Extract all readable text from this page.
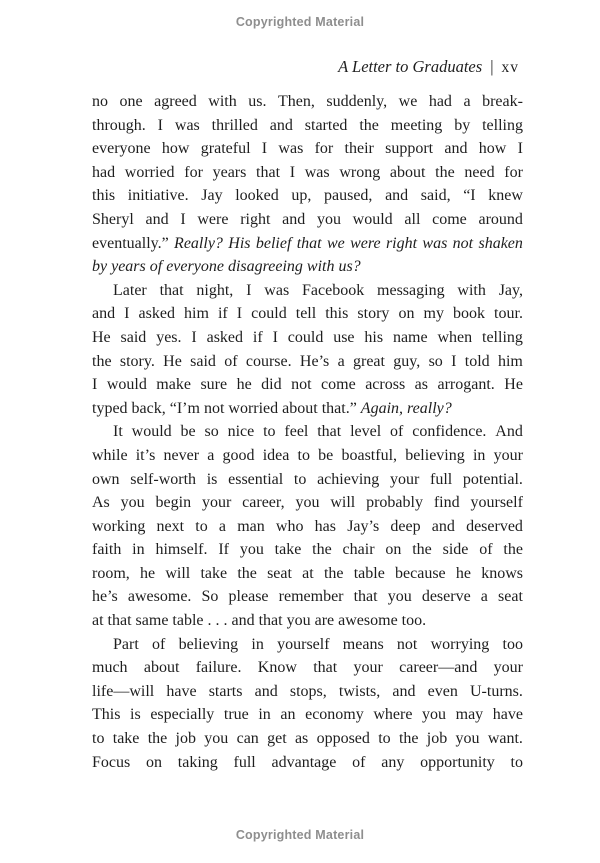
Copyrighted Material
A Letter to Graduates | xv
no one agreed with us. Then, suddenly, we had a break-
through. I was thrilled and started the meeting by telling
everyone how grateful I was for their support and how I
had worried for years that I was wrong about the need for
this initiative. Jay looked up, paused, and said, “I knew
Sheryl and I were right and you would all come around
eventually.” Really? His belief that we were right was not shaken
by years of everyone disagreeing with us?
Later that night, I was Facebook messaging with Jay,
and I asked him if I could tell this story on my book tour.
He said yes. I asked if I could use his name when telling
the story. He said of course. He’s a great guy, so I told him
I would make sure he did not come across as arrogant. He
typed back, “I’m not worried about that.” Again, really?
It would be so nice to feel that level of confidence. And
while it’s never a good idea to be boastful, believing in your
own self-worth is essential to achieving your full potential.
As you begin your career, you will probably find yourself
working next to a man who has Jay’s deep and deserved
faith in himself. If you take the chair on the side of the
room, he will take the seat at the table because he knows
he’s awesome. So please remember that you deserve a seat
at that same table . . . and that you are awesome too.
Part of believing in yourself means not worrying too
much about failure. Know that your career—and your
life—will have starts and stops, twists, and even U-turns.
This is especially true in an economy where you may have
to take the job you can get as opposed to the job you want.
Focus on taking full advantage of any opportunity to
Copyrighted Material
